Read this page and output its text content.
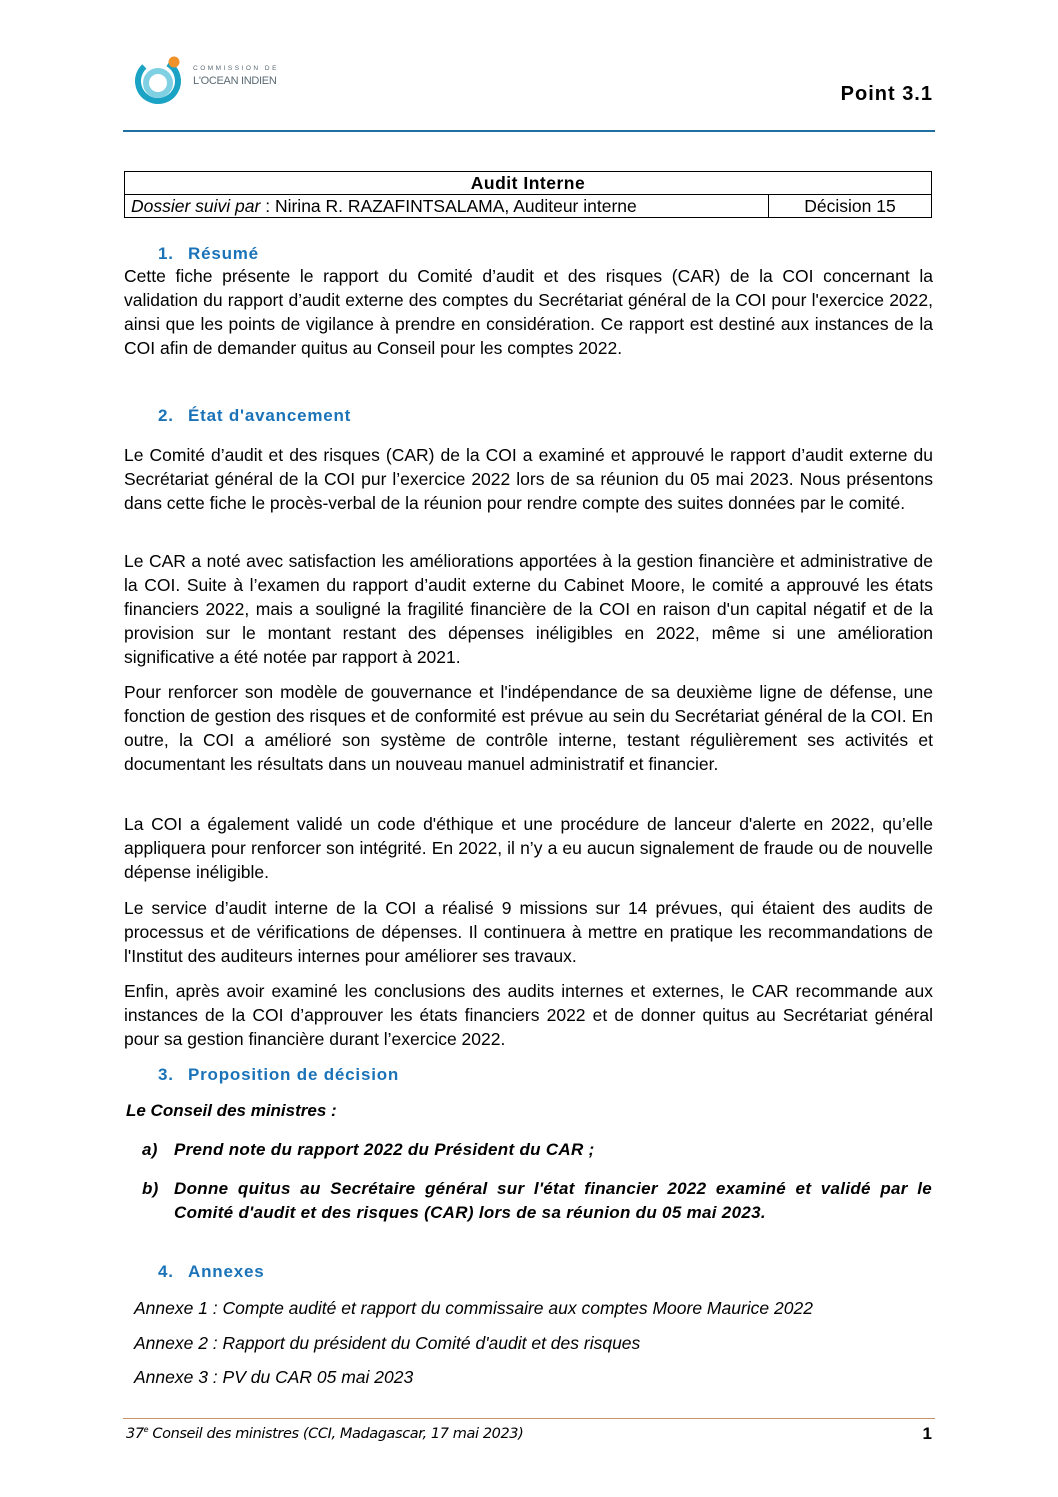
COMMISSION DE
L'OCEAN INDIEN
Point 3.1
Audit Interne
Dossier suivi par : Nirina R. RAZAFINTSALAMA, Auditeur interne	Décision 15
1. Résumé
Cette fiche présente le rapport du Comité d’audit et des risques (CAR) de la COI concernant la validation du rapport d’audit externe des comptes du Secrétariat général de la COI pour l'exercice 2022, ainsi que les points de vigilance à prendre en considération. Ce rapport est destiné aux instances de la COI afin de demander quitus au Conseil pour les comptes 2022.
2. État d'avancement
Le Comité d’audit et des risques (CAR) de la COI a examiné et approuvé le rapport d’audit externe du Secrétariat général de la COI pur l’exercice 2022 lors de sa réunion du 05 mai 2023. Nous présentons dans cette fiche le procès-verbal de la réunion pour rendre compte des suites données par le comité.
Le CAR a noté avec satisfaction les améliorations apportées à la gestion financière et administrative de la COI. Suite à l’examen du rapport d’audit externe du Cabinet Moore, le comité a approuvé les états financiers 2022, mais a souligné la fragilité financière de la COI en raison d'un capital négatif et de la provision sur le montant restant des dépenses inéligibles en 2022, même si une amélioration significative a été notée par rapport à 2021.
Pour renforcer son modèle de gouvernance et l'indépendance de sa deuxième ligne de défense, une fonction de gestion des risques et de conformité est prévue au sein du Secrétariat général de la COI. En outre, la COI a amélioré son système de contrôle interne, testant régulièrement ses activités et documentant les résultats dans un nouveau manuel administratif et financier.
La COI a également validé un code d'éthique et une procédure de lanceur d'alerte en 2022, qu’elle appliquera pour renforcer son intégrité. En 2022, il n’y a eu aucun signalement de fraude ou de nouvelle dépense inéligible.
Le service d’audit interne de la COI a réalisé 9 missions sur 14 prévues, qui étaient des audits de processus et de vérifications de dépenses. Il continuera à mettre en pratique les recommandations de l'Institut des auditeurs internes pour améliorer ses travaux.
Enfin, après avoir examiné les conclusions des audits internes et externes, le CAR recommande aux instances de la COI d’approuver les états financiers 2022 et de donner quitus au Secrétariat général pour sa gestion financière durant l’exercice 2022.
3. Proposition de décision
Le Conseil des ministres :
a) Prend note du rapport 2022 du Président du CAR ;
b) Donne quitus au Secrétaire général sur l'état financier 2022 examiné et validé par le Comité d'audit et des risques (CAR) lors de sa réunion du 05 mai 2023.
4. Annexes
Annexe 1 : Compte audité et rapport du commissaire aux comptes Moore Maurice 2022
Annexe 2 : Rapport du président du Comité d'audit et des risques
Annexe 3 : PV du CAR 05 mai 2023
37e Conseil des ministres (CCI, Madagascar, 17 mai 2023)	1
